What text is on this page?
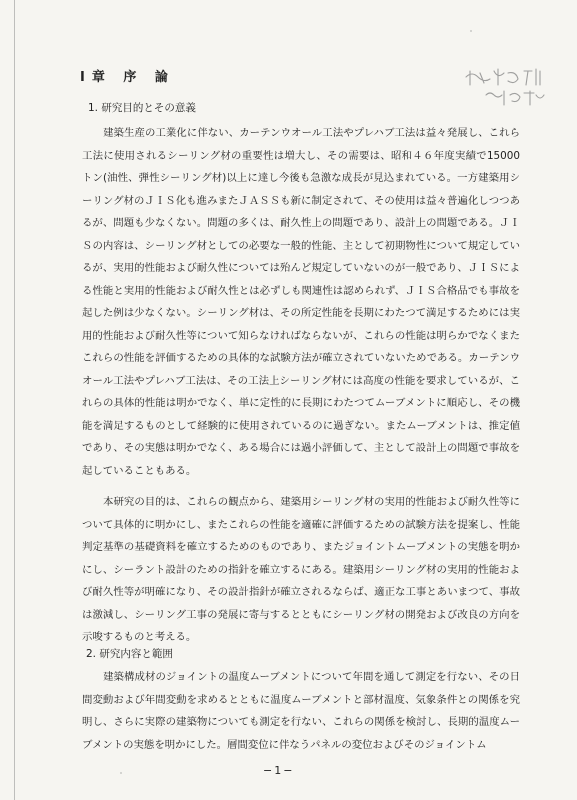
I章 序 論
1. 研究目的とその意義
建築生産の工業化に伴ない、カーテンウオール工法やプレハブ工法は益々発展し、これら工法に使用されるシーリング材の重要性は増大し、その需要は、昭和４６年度実績で15000トン(油性、弾性シーリング材)以上に達し今後も急激な成長が見込まれている。一方建築用シーリング材のＪＩＳ化も進みまたＪＡＳＳも新に制定されて、その使用は益々普遍化しつつあるが、問題も少なくない。問題の多くは、耐久性上の問題であり、設計上の問題である。ＪＩＳの内容は、シーリング材としての必要な一般的性能、主として初期物性について規定しているが、実用的性能および耐久性については殆んど規定していないのが一般であり、ＪＩＳによる性能と実用的性能および耐久性とは必ずしも関連性は認められず、ＪＩＳ合格品でも事故を起した例は少なくない。シーリング材は、その所定性能を長期にわたつて満足するためには実用的性能および耐久性等について知らなければならないが、これらの性能は明らかでなくまたこれらの性能を評価するための具体的な試験方法が確立されていないためである。カーテンウオール工法やプレハブ工法は、その工法上シーリング材には高度の性能を要求しているが、これらの具体的性能は明かでなく、単に定性的に長期にわたつてムーブメントに順応し、その機能を満足するものとして経験的に使用されているのに過ぎない。またムーブメントは、推定値であり、その実態は明かでなく、ある場合には過小評価して、主として設計上の問題で事故を起していることもある。
本研究の目的は、これらの観点から、建築用シーリング材の実用的性能および耐久性等について具体的に明かにし、またこれらの性能を適確に評価するための試験方法を提案し、性能判定基準の基礎資料を確立するためのものであり、またジョイントムーブメントの実態を明かにし、シーラント設計のための指針を確立するにある。建築用シーリング材の実用的性能および耐久性等が明確になり、その設計指針が確立されるならば、適正な工事とあいまつて、事故は激減し、シーリング工事の発展に寄与するとともにシーリング材の開発および改良の方向を示唆するものと考える。
2. 研究内容と範囲
建築構成材のジョイントの温度ムーブメントについて年間を通して測定を行ない、その日間変動および年間変動を求めるとともに温度ムーブメントと部材温度、気象条件との関係を究明し、さらに実際の建築物についても測定を行ない、これらの関係を検討し、長期的温度ムーブメントの実態を明かにした。層間変位に伴なうパネルの変位およびそのジョイントム
−1−
